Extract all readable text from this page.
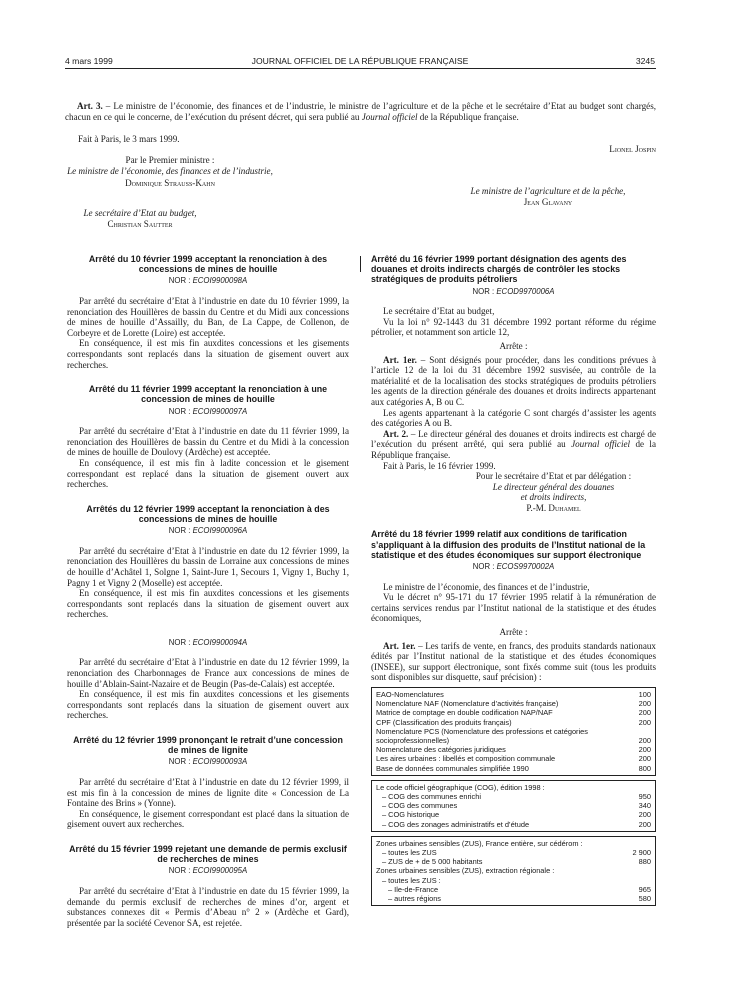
4 mars 1999	JOURNAL OFFICIEL DE LA RÉPUBLIQUE FRANÇAISE	3245

Art. 3. – Le ministre de l’économie, des finances et de l’industrie, le ministre de l’agriculture et de la pêche et le secrétaire d’Etat au budget sont chargés, chacun en ce qui le concerne, de l’exécution du présent décret, qui sera publié au Journal officiel de la République française.

Fait à Paris, le 3 mars 1999.
Lionel Jospin
Par le Premier ministre :
Le ministre de l’économie, des finances et de l’industrie,
Dominique Strauss-Kahn
Le ministre de l’agriculture et de la pêche,
Jean Glavany
Le secrétaire d’Etat au budget,
Christian Sautter
Arrêté du 10 février 1999 acceptant la renonciation à des concessions de mines de houille
NOR : ECOI9900098A

Par arrêté du secrétaire d’Etat à l’industrie en date du 10 février 1999, la renonciation des Houillères de bassin du Centre et du Midi aux concessions de mines de houille d’Assailly, du Ban, de La Cappe, de Collenon, de Corbeyre et de Lorette (Loire) est acceptée.

En conséquence, il est mis fin auxdites concessions et les gisements correspondants sont replacés dans la situation de gisement ouvert aux recherches.

Arrêté du 11 février 1999 acceptant la renonciation à une concession de mines de houille
NOR : ECOI9900097A

Par arrêté du secrétaire d’Etat à l’industrie en date du 11 février 1999, la renonciation des Houillères de bassin du Centre et du Midi à la concession de mines de houille de Doulovy (Ardèche) est acceptée.

En conséquence, il est mis fin à ladite concession et le gisement correspondant est replacé dans la situation de gisement ouvert aux recherches.

Arrêtés du 12 février 1999 acceptant la renonciation à des concessions de mines de houille
NOR : ECOI9900096A

Par arrêté du secrétaire d’Etat à l’industrie en date du 12 février 1999, la renonciation des Houillères du bassin de Lorraine aux concessions de mines de houille d’Achâtel 1, Solgne 1, Saint-Jure 1, Secours 1, Vigny 1, Buchy 1, Pagny 1 et Vigny 2 (Moselle) est acceptée.

En conséquence, il est mis fin auxdites concessions et les gisements correspondants sont replacés dans la situation de gisement ouvert aux recherches.

NOR : ECOI9900094A

Par arrêté du secrétaire d’Etat à l’industrie en date du 12 février 1999, la renonciation des Charbonnages de France aux concessions de mines de houille d’Ablain-Saint-Nazaire et de Beugin (Pas-de-Calais) est acceptée.

En conséquence, il est mis fin auxdites concessions et les gisements correspondants sont replacés dans la situation de gisement ouvert aux recherches.

Arrêté du 12 février 1999 prononçant le retrait d’une concession de mines de lignite
NOR : ECOI9900093A

Par arrêté du secrétaire d’Etat à l’industrie en date du 12 février 1999, il est mis fin à la concession de mines de lignite dite « Concession de La Fontaine des Brins » (Yonne).

En conséquence, le gisement correspondant est placé dans la situation de gisement ouvert aux recherches.

Arrêté du 15 février 1999 rejetant une demande de permis exclusif de recherches de mines
NOR : ECOI9900095A

Par arrêté du secrétaire d’Etat à l’industrie en date du 15 février 1999, la demande du permis exclusif de recherches de mines d’or, argent et substances connexes dit « Permis d’Abeau n° 2 » (Ardèche et Gard), présentée par la société Cevenor SA, est rejetée.

Arrêté du 16 février 1999 portant désignation des agents des douanes et droits indirects chargés de contrôler les stocks stratégiques de produits pétroliers
NOR : ECOD9970006A

Le secrétaire d’Etat au budget,

Vu la loi n° 92-1443 du 31 décembre 1992 portant réforme du régime pétrolier, et notamment son article 12,

Arrête :

Art. 1er. – Sont désignés pour procéder, dans les conditions prévues à l’article 12 de la loi du 31 décembre 1992 susvisée, au contrôle de la matérialité et de la localisation des stocks stratégiques de produits pétroliers les agents de la direction générale des douanes et droits indirects appartenant aux catégories A, B ou C.

Les agents appartenant à la catégorie C sont chargés d’assister les agents des catégories A ou B.

Art. 2. – Le directeur général des douanes et droits indirects est chargé de l’exécution du présent arrêté, qui sera publié au Journal officiel de la République française.

Fait à Paris, le 16 février 1999.

Pour le secrétaire d’Etat et par délégation :

Le directeur général des douanes

et droits indirects,

P.-M. Duhamel

Arrêté du 18 février 1999 relatif aux conditions de tarification s’appliquant à la diffusion des produits de l’Institut national de la statistique et des études économiques sur support électronique
NOR : ECOS9970002A

Le ministre de l’économie, des finances et de l’industrie,

Vu le décret n° 95-171 du 17 février 1995 relatif à la rémunération de certains services rendus par l’Institut national de la statistique et des études économiques,

Arrête :

Art. 1er. – Les tarifs de vente, en francs, des produits standards nationaux édités par l’Institut national de la statistique et des études économiques (INSEE), sur support électronique, sont fixés comme suit (tous les produits sont disponibles sur disquette, sauf précision) :

EAO-Nomenclatures	100
Nomenclature NAF (Nomenclature d’activités française)	200
Matrice de comptage en double codification NAP/NAF	200
CPF (Classification des produits français)	200
Nomenclature PCS (Nomenclature des professions et catégories socioprofessionnelles)	200
Nomenclature des catégories juridiques	200
Les aires urbaines : libellés et composition communale	200
Base de données communales simplifiée 1990	800
Le code officiel géographique (COG), édition 1998 :
– COG des communes enrichi	950
– COG des communes	340
– COG historique	200
– COG des zonages administratifs et d’étude	200
Zones urbaines sensibles (ZUS), France entière, sur cédérom :
– toutes les ZUS	2 900
– ZUS de + de 5 000 habitants	880
Zones urbaines sensibles (ZUS), extraction régionale :
– toutes les ZUS :
– Ile-de-France	965
– autres régions	580
